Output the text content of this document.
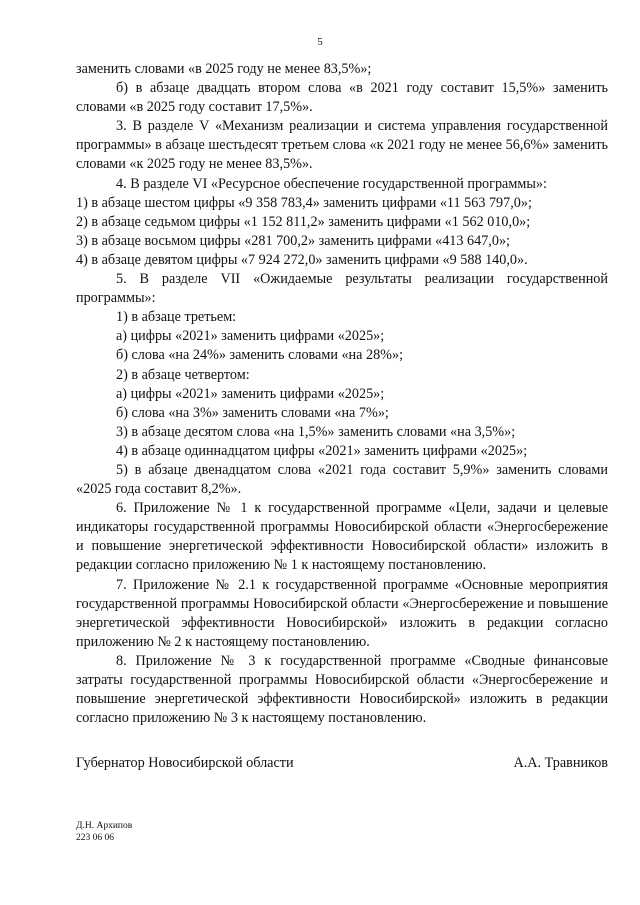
5

заменить словами «в 2025 году не менее 83,5%»;

б) в абзаце двадцать втором слова «в 2021 году составит 15,5%» заменить словами «в 2025 году составит 17,5%».

3. В разделе V «Механизм реализации и система управления государственной программы» в абзаце шестьдесят третьем слова «к 2021 году не менее 56,6%» заменить словами «к 2025 году не менее 83,5%».

4. В разделе VI «Ресурсное обеспечение государственной программы»:

1) в абзаце шестом цифры «9 358 783,4» заменить цифрами «11 563 797,0»;

2) в абзаце седьмом цифры «1 152 811,2» заменить цифрами «1 562 010,0»;

3) в абзаце восьмом цифры «281 700,2» заменить цифрами «413 647,0»;

4) в абзаце девятом цифры «7 924 272,0» заменить цифрами «9 588 140,0».

5. В разделе VII «Ожидаемые результаты реализации государственной программы»:

1) в абзаце третьем:

а) цифры «2021» заменить цифрами «2025»;

б) слова «на 24%» заменить словами «на 28%»;

2) в абзаце четвертом:

а) цифры «2021» заменить цифрами «2025»;

б) слова «на 3%» заменить словами «на 7%»;

3) в абзаце десятом слова «на 1,5%» заменить словами «на 3,5%»;

4) в абзаце одиннадцатом цифры «2021» заменить цифрами «2025»;

5) в абзаце двенадцатом слова «2021 года составит 5,9%» заменить словами «2025 года составит 8,2%».

6. Приложение № 1 к государственной программе «Цели, задачи и целевые индикаторы государственной программы Новосибирской области «Энергосбережение и повышение энергетической эффективности Новосибирской области» изложить в редакции согласно приложению № 1 к настоящему постановлению.

7. Приложение № 2.1 к государственной программе «Основные мероприятия государственной программы Новосибирской области «Энергосбережение и повышение энергетической эффективности Новосибирской» изложить в редакции согласно приложению № 2 к настоящему постановлению.

8. Приложение № 3 к государственной программе «Сводные финансовые затраты государственной программы Новосибирской области «Энергосбережение и повышение энергетической эффективности Новосибирской» изложить в редакции согласно приложению № 3 к настоящему постановлению.

Губернатор Новосибирской области	А.А. Травников
Д.Н. Архипов
223 06 06
